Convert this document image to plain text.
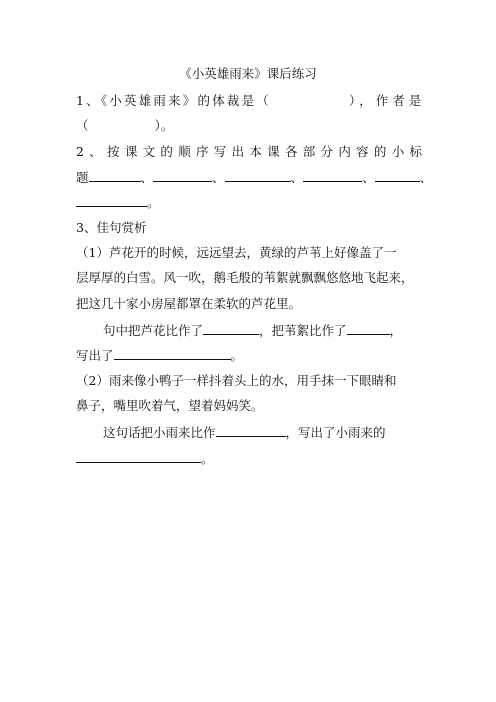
《小英雄雨来》课后练习
1、《小英雄雨来》的体裁是（	），作者是
（	）。
2、按课文的顺序写出本课各部分内容的小标
题	、	、	、	、	、
。
3、佳句赏析
（1）芦花开的时候，远远望去，黄绿的芦苇上好像盖了一
层厚厚的白雪。风一吹，鹅毛般的苇絮就飘飘悠悠地飞起来，
把这几十家小房屋都罩在柔软的芦花里。
句中把芦花比作了	，把苇絮比作了	，
写出了	。
（2）雨来像小鸭子一样抖着头上的水，用手抹一下眼睛和
鼻子，嘴里吹着气，望着妈妈笑。
这句话把小雨来比作	，写出了小雨来的
。
